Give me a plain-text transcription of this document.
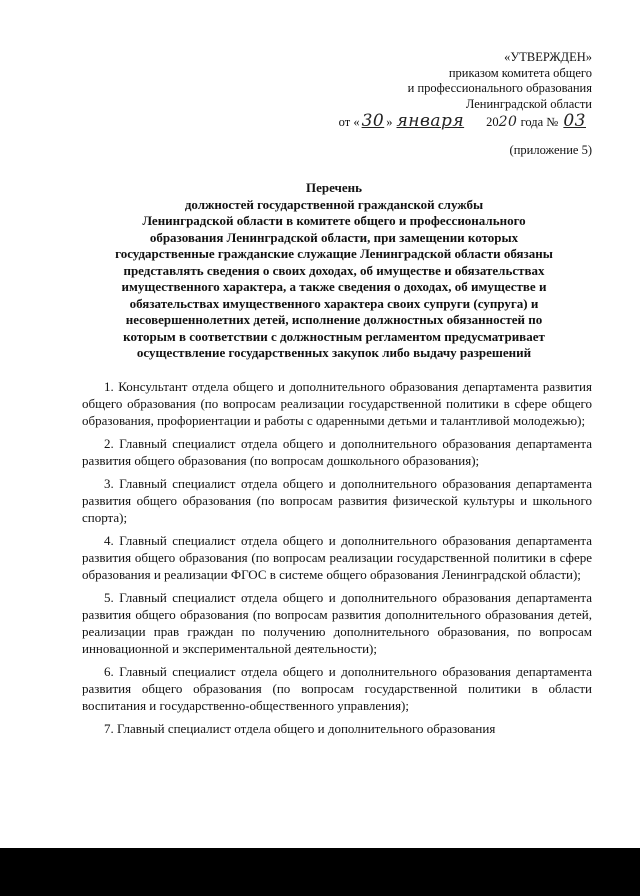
«УТВЕРЖДЕН»
приказом комитета общего
и профессионального образования
Ленинградской области
от « 30 » января 2020 года № 03
(приложение 5)
Перечень
должностей государственной гражданской службы
Ленинградской области в комитете общего и профессионального
образования Ленинградской области, при замещении которых
государственные гражданские служащие Ленинградской области обязаны
представлять сведения о своих доходах, об имуществе и обязательствах
имущественного характера, а также сведения о доходах, об имуществе и
обязательствах имущественного характера своих супруги (супруга) и
несовершеннолетних детей, исполнение должностных обязанностей по
которым в соответствии с должностным регламентом предусматривает
осуществление государственных закупок либо выдачу разрешений

1. Консультант отдела общего и дополнительного образования департамента развития общего образования (по вопросам реализации государственной политики в сфере общего образования, профориентации и работы с одаренными детьми и талантливой молодежью);

2. Главный специалист отдела общего и дополнительного образования департамента развития общего образования (по вопросам дошкольного образования);

3. Главный специалист отдела общего и дополнительного образования департамента развития общего образования (по вопросам развития физической культуры и школьного спорта);

4. Главный специалист отдела общего и дополнительного образования департамента развития общего образования (по вопросам реализации государственной политики в сфере образования и реализации ФГОС в системе общего образования Ленинградской области);

5. Главный специалист отдела общего и дополнительного образования департамента развития общего образования (по вопросам развития дополнительного образования детей, реализации прав граждан по получению дополнительного образования, по вопросам инновационной и экспериментальной деятельности);

6. Главный специалист отдела общего и дополнительного образования департамента развития общего образования (по вопросам государственной политики в области воспитания и государственно-общественного управления);

7. Главный специалист отдела общего и дополнительного образования
